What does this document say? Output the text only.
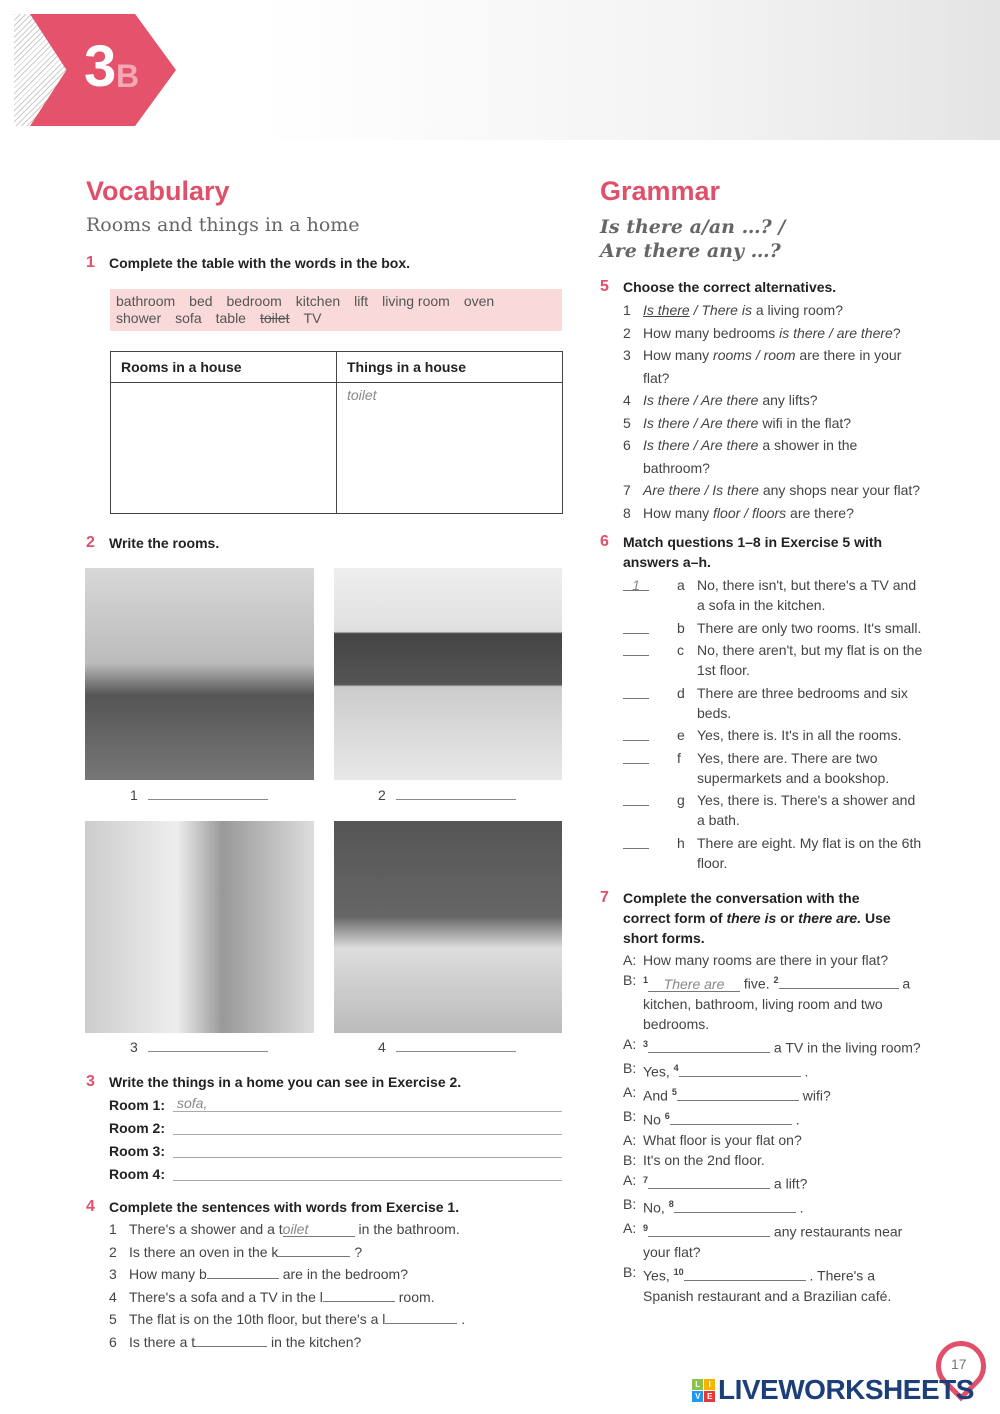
3 B
Vocabulary
Rooms and things in a home
1 Complete the table with the words in the box.
bathroom bed bedroom kitchen lift living room oven
shower sofa table toilet TV
Rooms in a house	Things in a house
	toilet
2 Write the rooms.
1	2
3	4
3 Write the things in a home you can see in Exercise 2.
Room 1: sofa,
Room 2:
Room 3:
Room 4:
4 Complete the sentences with words from Exercise 1.
1 There's a shower and a toilet	in the bathroom.
2 Is there an oven in the k	?
3 How many b	are in the bedroom?
4 There's a sofa and a TV in the l	room.
5 The flat is on the 10th floor, but there's a l	.
6 Is there a t	in the kitchen?
Grammar
Is there a/an …? /
Are there any …?
5 Choose the correct alternatives.
1 Is there / There is a living room?
2 How many bedrooms is there / are there?
3 How many rooms / room are there in your flat?
4 Is there / Are there any lifts?
5 Is there / Are there wifi in the flat?
6 Is there / Are there a shower in the bathroom?
7 Are there / Is there any shops near your flat?
8 How many floor / floors are there?
6 Match questions 1–8 in Exercise 5 with answers a–h.
1	a No, there isn't, but there's a TV and a sofa in the kitchen.
b There are only two rooms. It's small.
c No, there aren't, but my flat is on the 1st floor.
d There are three bedrooms and six beds.
e Yes, there is. It's in all the rooms.
f Yes, there are. There are two supermarkets and a bookshop.
g Yes, there is. There's a shower and a bath.
h There are eight. My flat is on the 6th floor.
7 Complete the conversation with the correct form of there is or there are. Use short forms.
A: How many rooms are there in your flat?
B: $^1$ There are five. $^2$	a kitchen, bathroom, living room and two bedrooms.
A: $^3$	a TV in the living room?
B: Yes, $^4$	.
A: And $^5$	wifi?
B: No $^6$	.
A: What floor is your flat on?
B: It's on the 2nd floor.
A: $^7$	a lift?
B: No, $^8$	.
A: $^9$	any restaurants near your flat?
B: Yes, $^{10}$	. There's a Spanish restaurant and a Brazilian café.
17
L	I
V E LIVEWORKSHEETS
